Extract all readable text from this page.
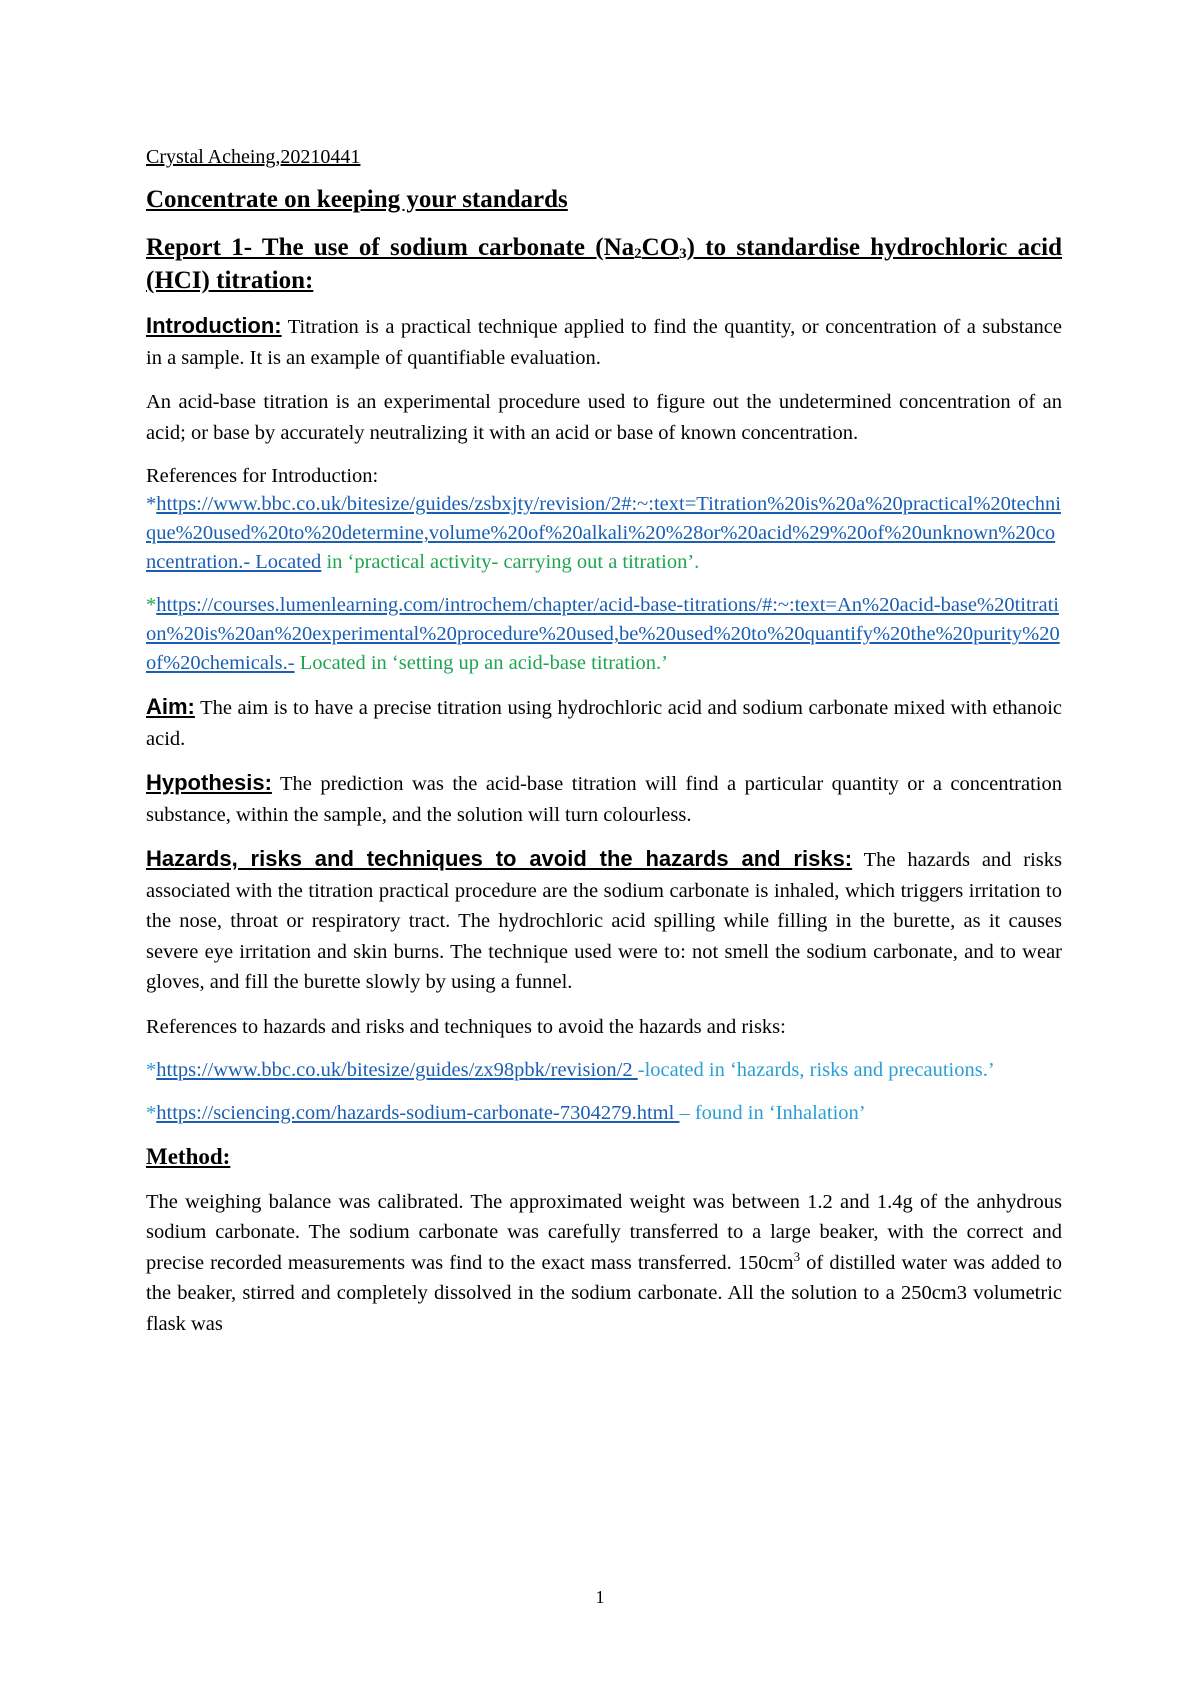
Crystal Acheing,20210441

Concentrate on keeping your standards

Report 1- The use of sodium carbonate $(Na_2CO_3)$ to standardise hydrochloric acid (HCI) titration:

Introduction: Titration is a practical technique applied to find the quantity, or concentration of a substance in a sample. It is an example of quantifiable evaluation.

An acid-base titration is an experimental procedure used to figure out the undetermined concentration of an acid; or base by accurately neutralizing it with an acid or base of known concentration.

References for Introduction:

*https://www.bbc.co.uk/bitesize/guides/zsbxjty/revision/2#:~:text=Titration%20is%20a%20practical%20technique%20used%20to%20determine,volume%20of%20alkali%20%28or%20acid%29%20of%20unknown%20concentration.- Located in ‘practical activity- carrying out a titration’.

*https://courses.lumenlearning.com/introchem/chapter/acid-base-titrations/#:~:text=An%20acid-base%20titration%20is%20an%20experimental%20procedure%20used,be%20used%20to%20quantify%20the%20purity%20of%20chemicals.- Located in ‘setting up an acid-base titration.’

Aim: The aim is to have a precise titration using hydrochloric acid and sodium carbonate mixed with ethanoic acid.

Hypothesis: The prediction was the acid-base titration will find a particular quantity or a concentration substance, within the sample, and the solution will turn colourless.

Hazards, risks and techniques to avoid the hazards and risks: The hazards and risks associated with the titration practical procedure are the sodium carbonate is inhaled, which triggers irritation to the nose, throat or respiratory tract. The hydrochloric acid spilling while filling in the burette, as it causes severe eye irritation and skin burns. The technique used were to: not smell the sodium carbonate, and to wear gloves, and fill the burette slowly by using a funnel.

References to hazards and risks and techniques to avoid the hazards and risks:

*https://www.bbc.co.uk/bitesize/guides/zx98pbk/revision/2 -located in ‘hazards, risks and precautions.’

*https://sciencing.com/hazards-sodium-carbonate-7304279.html – found in ‘Inhalation’

Method:

The weighing balance was calibrated. The approximated weight was between 1.2 and 1.4g of the anhydrous sodium carbonate. The sodium carbonate was carefully transferred to a large beaker, with the correct and precise recorded measurements was find to the exact mass transferred. $150cm^3$ of distilled water was added to the beaker, stirred and completely dissolved in the sodium carbonate. All the solution to a 250cm3 volumetric flask was

1
